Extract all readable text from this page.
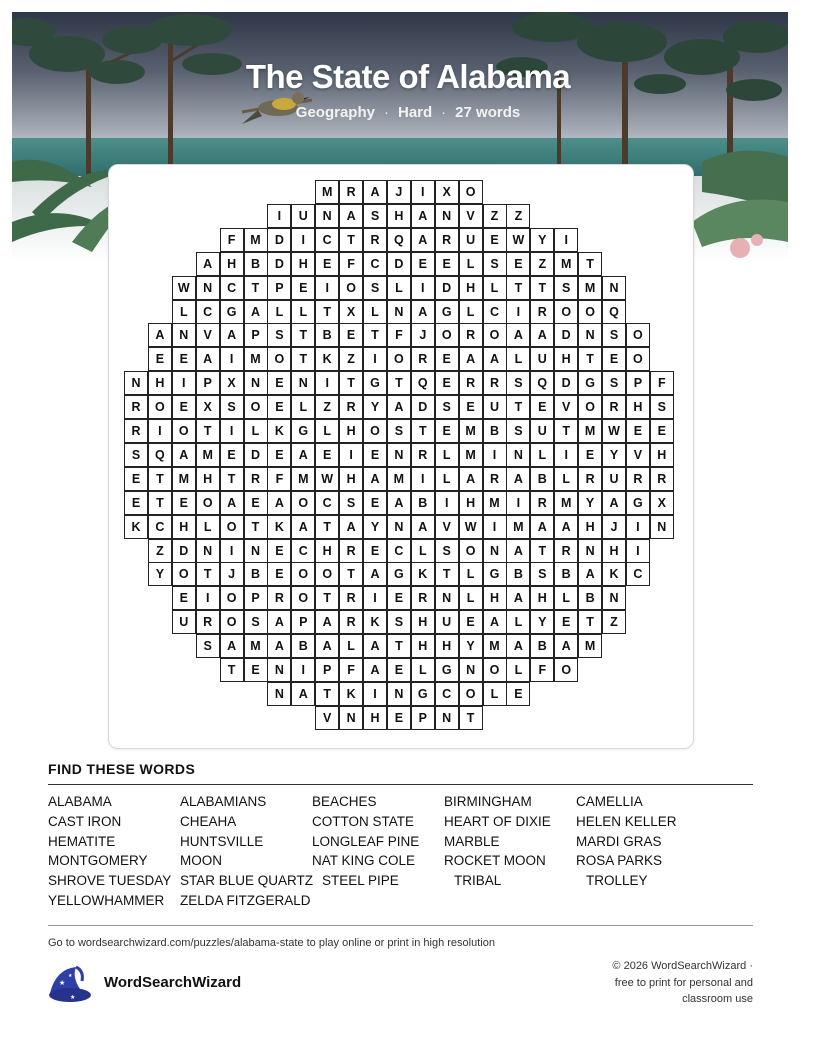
The State of Alabama
Geography · Hard · 27 words
M	R	A	J	I	X	O
I	U	N	A	S	H	A	N	V	Z	Z
F	M	D	I	C	T	R	Q	A	R	U	E	W	Y	I
A	H	B	D	H	E	F	C	D	E	E	L	S	E	Z	M	T
W	N	C	T	P	E	I	O	S	L	I	D	H	L	T	T	S	M	N
L	C	G	A	L	L	T	X	L	N	A	G	L	C	I	R	O	O	Q
A	N	V	A	P	S	T	B	E	T	F	J	O	R	O	A	A	D	N	S	O
E	E	A	I	M	O	T	K	Z	I	O	R	E	A	A	L	U	H	T	E	O
N	H	I	P	X	N	E	N	I	T	G	T	Q	E	R	R	S	Q	D	G	S	P	F
R	O	E	X	S	O	E	L	Z	R	Y	A	D	S	E	U	T	E	V	O	R	H	S
R	I	O	T	I	L	K	G	L	H	O	S	T	E	M	B	S	U	T	M	W	E	E
S	Q	A	M	E	D	E	A	E	I	E	N	R	L	M	I	N	L	I	E	Y	V	H
E	T	M	H	T	R	F	M	W	H	A	M	I	L	A	R	A	B	L	R	U	R	R
E	T	E	O	A	E	A	O	C	S	E	A	B	I	H	M	I	R	M	Y	A	G	X
K	C	H	L	O	T	K	A	T	A	Y	N	A	V	W	I	M	A	A	H	J	I	N
Z	D	N	I	N	E	C	H	R	E	C	L	S	O	N	A	T	R	N	H	I
Y	O	T	J	B	E	O	O	T	A	G	K	T	L	G	B	S	B	A	K	C
E	I	O	P	R	O	T	R	I	E	R	N	L	H	A	H	L	B	N
U	R	O	S	A	P	A	R	K	S	H	U	E	A	L	Y	E	T	Z
S	A	M	A	B	A	L	A	T	H	H	Y	M	A	B	A	M
T	E	N	I	P	F	A	E	L	G	N	O	L	F	O
N	A	T	K	I	N	G	C	O	L	E
V	N	H	E	P	N	T
FIND THESE WORDS
ALABAMA
CAST IRON
HEMATITE
MONTGOMERY
SHROVE TUESDAY
YELLOWHAMMER
ALABAMIANS
CHEAHA
HUNTSVILLE
MOON
STAR BLUE QUARTZ
ZELDA FITZGERALD
BEACHES
COTTON STATE
LONGLEAF PINE
NAT KING COLE
STEEL PIPE
BIRMINGHAM
HEART OF DIXIE
MARBLE
ROCKET MOON
TRIBAL
CAMELLIA
HELEN KELLER
MARDI GRAS
ROSA PARKS
TROLLEY
Go to wordsearchwizard.com/puzzles/alabama-state to play online or print in high resolution
★
★
★
WordSearchWizard
© 2026 WordSearchWizard ·
free to print for personal and
classroom use
